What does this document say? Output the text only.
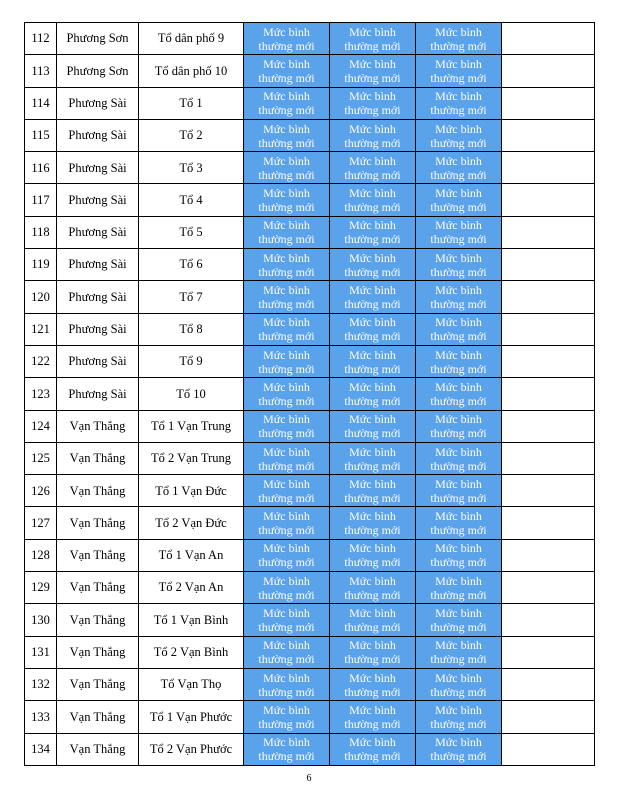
112	Phương Sơn	Tổ dân phố 9	Mức bình
thường mới	Mức bình
thường mới	Mức bình
thường mới	
113	Phương Sơn	Tổ dân phố 10	Mức bình
thường mới	Mức bình
thường mới	Mức bình
thường mới	
114	Phương Sài	Tổ 1	Mức bình
thường mới	Mức bình
thường mới	Mức bình
thường mới	
115	Phương Sài	Tổ 2	Mức bình
thường mới	Mức bình
thường mới	Mức bình
thường mới	
116	Phương Sài	Tổ 3	Mức bình
thường mới	Mức bình
thường mới	Mức bình
thường mới	
117	Phương Sài	Tổ 4	Mức bình
thường mới	Mức bình
thường mới	Mức bình
thường mới	
118	Phương Sài	Tổ 5	Mức bình
thường mới	Mức bình
thường mới	Mức bình
thường mới	
119	Phương Sài	Tổ 6	Mức bình
thường mới	Mức bình
thường mới	Mức bình
thường mới	
120	Phương Sài	Tổ 7	Mức bình
thường mới	Mức bình
thường mới	Mức bình
thường mới	
121	Phương Sài	Tổ 8	Mức bình
thường mới	Mức bình
thường mới	Mức bình
thường mới	
122	Phương Sài	Tổ 9	Mức bình
thường mới	Mức bình
thường mới	Mức bình
thường mới	
123	Phương Sài	Tổ 10	Mức bình
thường mới	Mức bình
thường mới	Mức bình
thường mới	
124	Vạn Thắng	Tổ 1 Vạn Trung	Mức bình
thường mới	Mức bình
thường mới	Mức bình
thường mới	
125	Vạn Thắng	Tổ 2 Vạn Trung	Mức bình
thường mới	Mức bình
thường mới	Mức bình
thường mới	
126	Vạn Thắng	Tổ 1 Vạn Đức	Mức bình
thường mới	Mức bình
thường mới	Mức bình
thường mới	
127	Vạn Thắng	Tổ 2 Vạn Đức	Mức bình
thường mới	Mức bình
thường mới	Mức bình
thường mới	
128	Vạn Thắng	Tổ 1 Vạn An	Mức bình
thường mới	Mức bình
thường mới	Mức bình
thường mới	
129	Vạn Thắng	Tổ 2 Vạn An	Mức bình
thường mới	Mức bình
thường mới	Mức bình
thường mới	
130	Vạn Thắng	Tổ 1 Vạn Bình	Mức bình
thường mới	Mức bình
thường mới	Mức bình
thường mới	
131	Vạn Thắng	Tổ 2 Vạn Bình	Mức bình
thường mới	Mức bình
thường mới	Mức bình
thường mới	
132	Vạn Thắng	Tổ Vạn Thọ	Mức bình
thường mới	Mức bình
thường mới	Mức bình
thường mới	
133	Vạn Thắng	Tổ 1 Vạn Phước	Mức bình
thường mới	Mức bình
thường mới	Mức bình
thường mới	
134	Vạn Thắng	Tổ 2 Vạn Phước	Mức bình
thường mới	Mức bình
thường mới	Mức bình
thường mới	
6
